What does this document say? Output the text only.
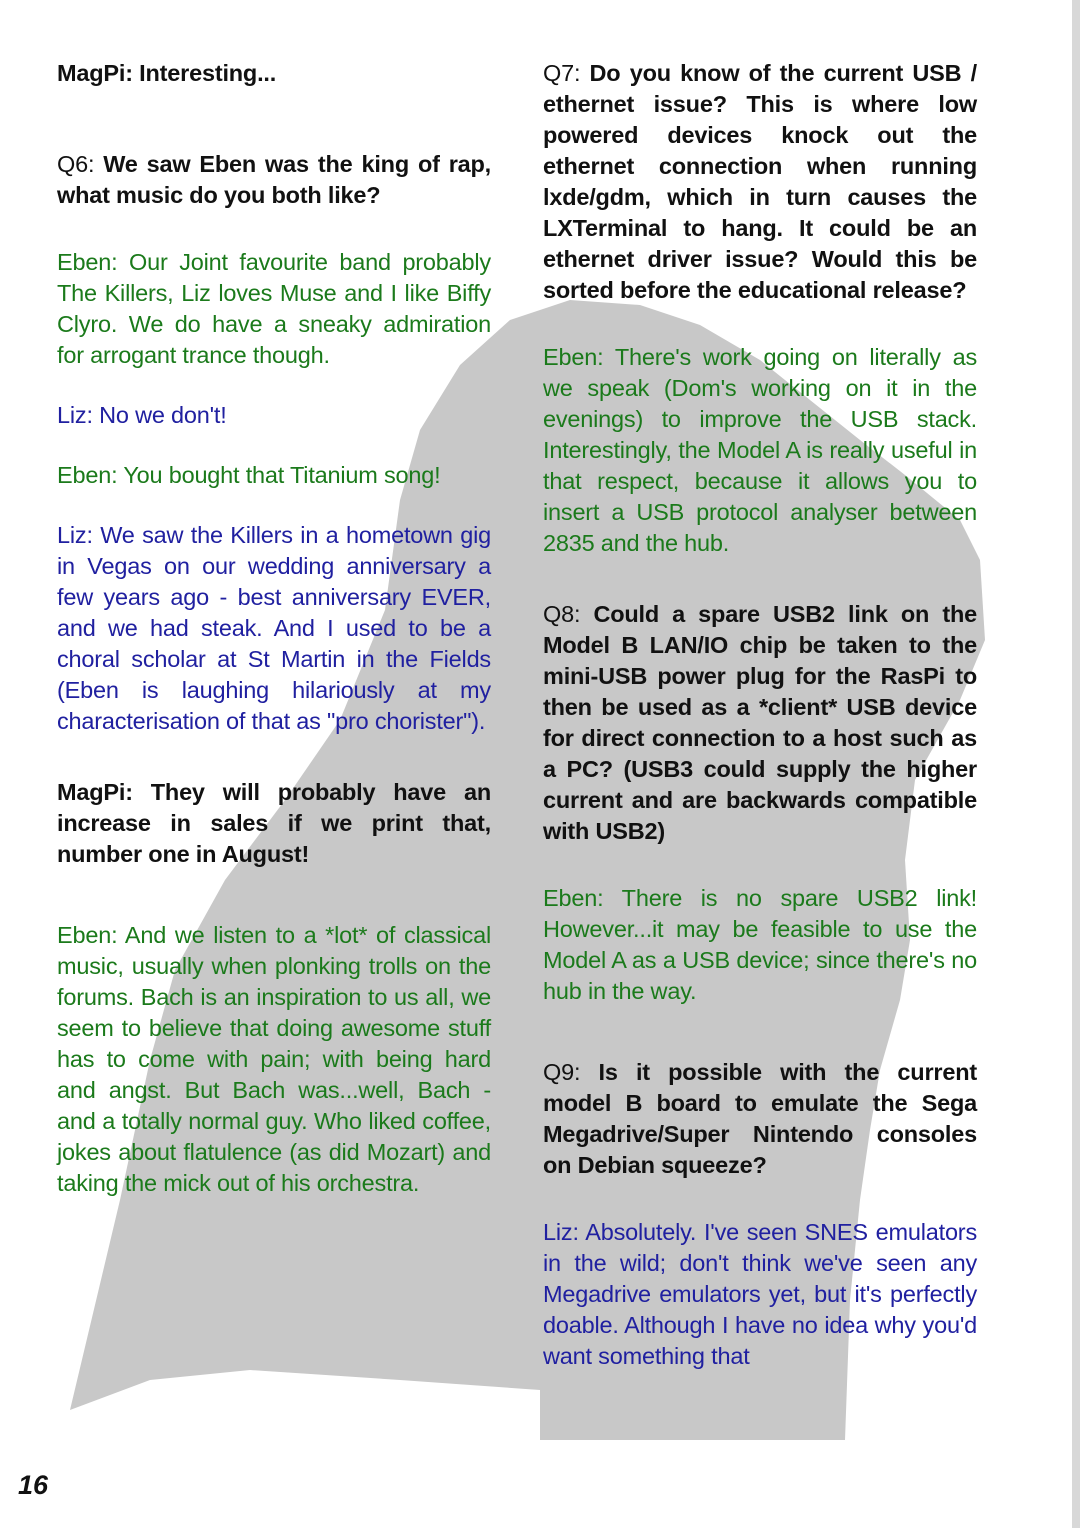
MagPi: Interesting...

Q6: We saw Eben was the king of rap, what music do you both like?

Eben: Our Joint favourite band probably The Killers, Liz loves Muse and I like Biffy Clyro. We do have a sneaky admiration for arrogant trance though.

Liz: No we don't!

Eben: You bought that Titanium song!

Liz: We saw the Killers in a hometown gig in Vegas on our wedding anniversary a few years ago - best anniversary EVER, and we had steak. And I used to be a choral scholar at St Martin in the Fields (Eben is laughing hilariously at my characterisation of that as "pro chorister").

MagPi: They will probably have an increase in sales if we print that, number one in August!

Eben: And we listen to a *lot* of classical music, usually when plonking trolls on the forums. Bach is an inspiration to us all, we seem to believe that doing awesome stuff has to come with pain; with being hard and angst. But Bach was...well, Bach - and a totally normal guy. Who liked coffee, jokes about flatulence (as did Mozart) and taking the mick out of his orchestra.

Q7: Do you know of the current USB / ethernet issue? This is where low powered devices knock out the ethernet connection when running lxde/gdm, which in turn causes the LXTerminal to hang. It could be an ethernet driver issue? Would this be sorted before the educational release?

Eben: There's work going on literally as we speak (Dom's working on it in the evenings) to improve the USB stack. Interestingly, the Model A is really useful in that respect, because it allows you to insert a USB protocol analyser between 2835 and the hub.

Q8: Could a spare USB2 link on the Model B LAN/IO chip be taken to the mini-USB power plug for the RasPi to then be used as a *client* USB device for direct connection to a host such as a PC? (USB3 could supply the higher current and are backwards compatible with USB2)

Eben: There is no spare USB2 link! However...it may be feasible to use the Model A as a USB device; since there's no hub in the way.

Q9: Is it possible with the current model B board to emulate the Sega Megadrive/Super Nintendo consoles on Debian squeeze?

Liz: Absolutely. I've seen SNES emulators in the wild; don't think we've seen any Megadrive emulators yet, but it's perfectly doable. Although I have no idea why you'd want something that

16
